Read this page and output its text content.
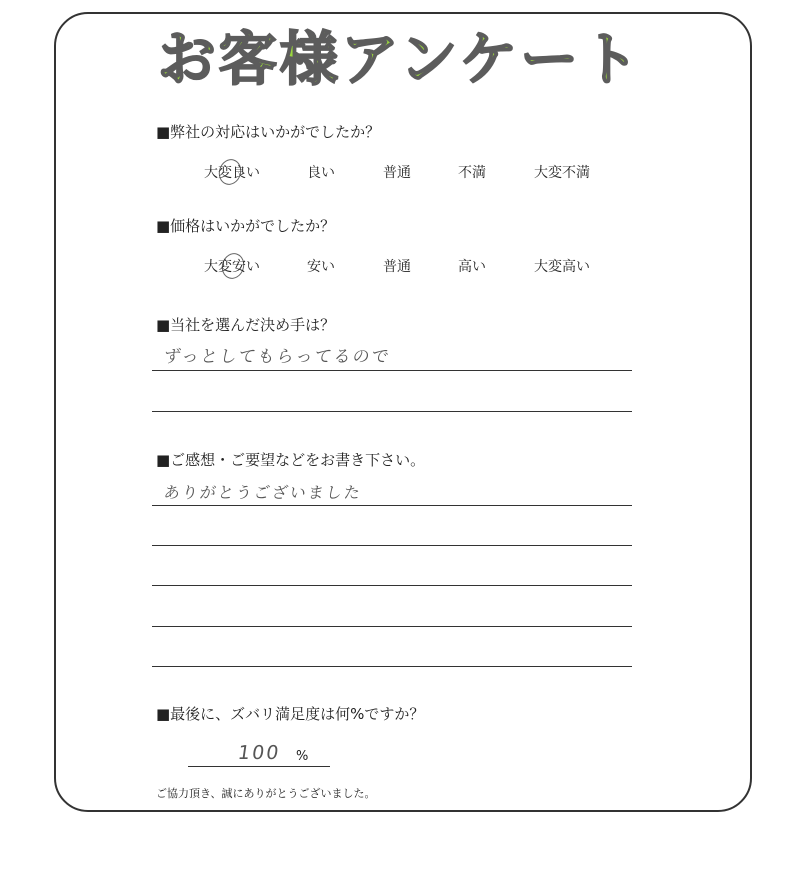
お客様アンケート
■弊社の対応はいかがでしたか？
大変良い	良い	普通	不満	大変不満
■価格はいかがでしたか？
大変安い	安い	普通	高い	大変高い
■当社を選んだ決め手は？
ずっとしてもらってるので
■ご感想・ご要望などをお書き下さい。
ありがとうございました
■最後に、ズバリ満足度は何%ですか？
100 %
ご協力頂き、誠にありがとうございました。
